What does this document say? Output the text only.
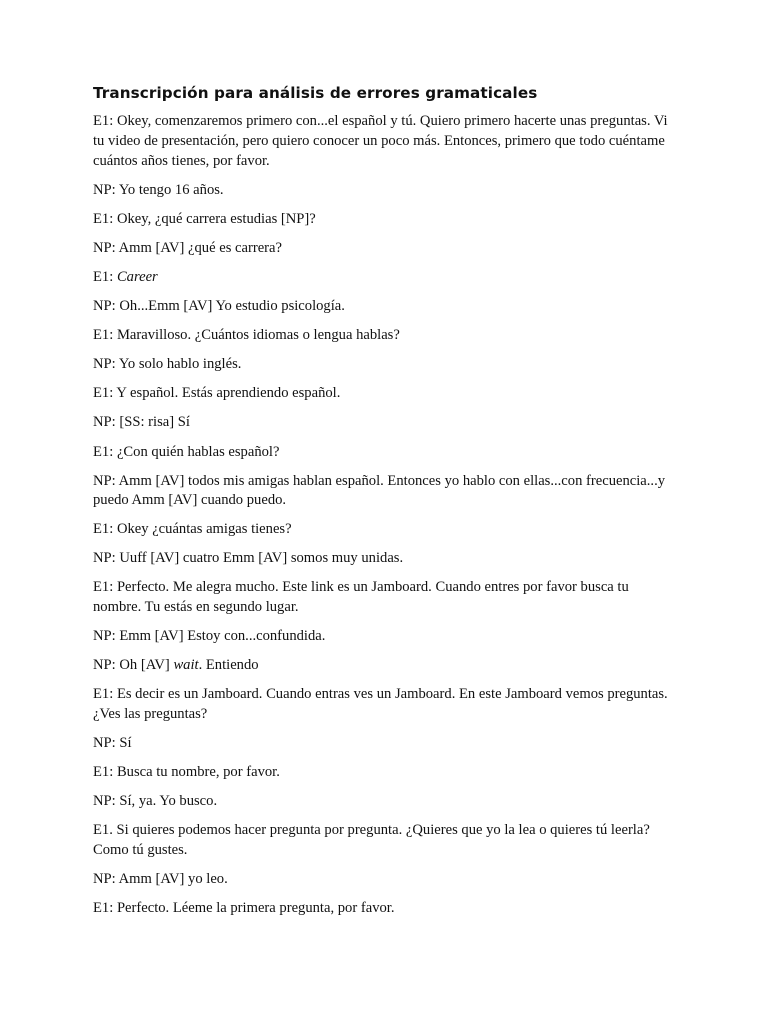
Transcripción para análisis de errores gramaticales
E1: Okey, comenzaremos primero con...el español y tú. Quiero primero hacerte unas preguntas. Vi tu video de presentación, pero quiero conocer un poco más. Entonces, primero que todo cuéntame cuántos años tienes, por favor.
NP: Yo tengo 16 años.
E1: Okey, ¿qué carrera estudias [NP]?
NP: Amm [AV] ¿qué es carrera?
E1: Career
NP: Oh...Emm [AV] Yo estudio psicología.
E1: Maravilloso. ¿Cuántos idiomas o lengua hablas?
NP: Yo solo hablo inglés.
E1: Y español. Estás aprendiendo español.
NP: [SS: risa] Sí
E1: ¿Con quién hablas español?
NP: Amm [AV] todos mis amigas hablan español. Entonces yo hablo con ellas...con frecuencia...y puedo Amm [AV] cuando puedo.
E1: Okey ¿cuántas amigas tienes?
NP: Uuff [AV] cuatro Emm [AV] somos muy unidas.
E1: Perfecto. Me alegra mucho. Este link es un Jamboard. Cuando entres por favor busca tu nombre. Tu estás en segundo lugar.
NP: Emm [AV] Estoy con...confundida.
NP: Oh [AV] wait. Entiendo
E1: Es decir es un Jamboard. Cuando entras ves un Jamboard. En este Jamboard vemos preguntas. ¿Ves las preguntas?
NP: Sí
E1: Busca tu nombre, por favor.
NP: Sí, ya. Yo busco.
E1. Si quieres podemos hacer pregunta por pregunta. ¿Quieres que yo la lea o quieres tú leerla? Como tú gustes.
NP: Amm [AV] yo leo.
E1: Perfecto. Léeme la primera pregunta, por favor.
